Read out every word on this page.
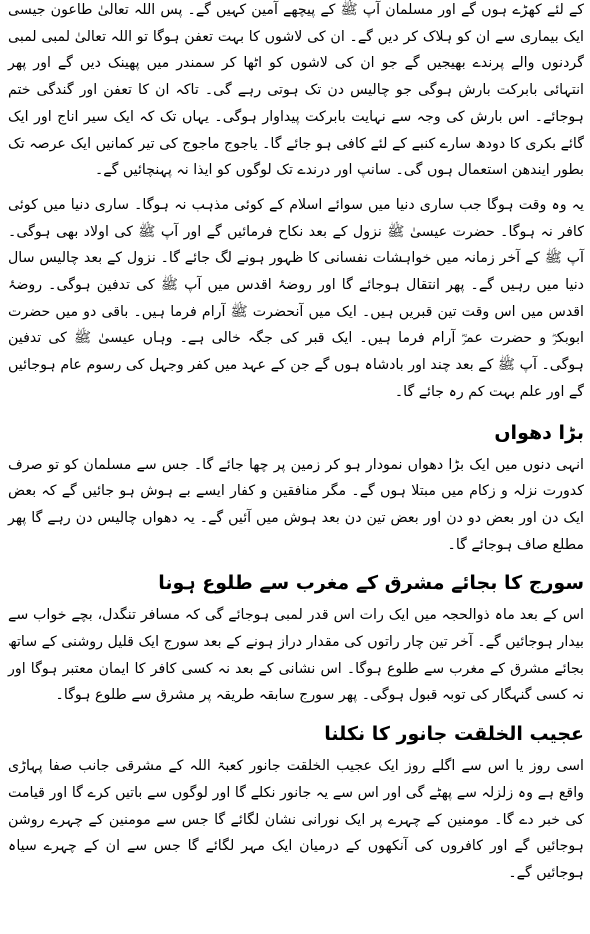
کے لئے کھڑے ہوں گے اور مسلمان آپ ﷺ کے پیچھے آمین کہیں گے۔ پس اللہ تعالیٰ طاعون جیسی ایک بیماری سے ان کو ہلاک کر دیں گے۔ ان کی لاشوں کا بہت تعفن ہوگا تو اللہ تعالیٰ لمبی لمبی گردنوں والے پرندے بھیجیں گے جو ان کی لاشوں کو اٹھا کر سمندر میں پھینک دیں گے اور پھر انتہائی بابرکت بارش ہوگی جو چالیس دن تک ہوتی رہے گی۔ تاکہ ان کا تعفن اور گندگی ختم ہوجائے۔ اس بارش کی وجہ سے نہایت بابرکت پیداوار ہوگی۔ یہاں تک کہ ایک سیر اناج اور ایک گائے بکری کا دودھ سارے کنبے کے لئے کافی ہو جائے گا۔ یاجوج ماجوج کی تیر کمانیں ایک عرصہ تک بطور ایندھن استعمال ہوں گی۔ سانپ اور درندے تک لوگوں کو ایذا نہ پہنچائیں گے۔

یہ وہ وقت ہوگا جب ساری دنیا میں سوائے اسلام کے کوئی مذہب نہ ہوگا۔ ساری دنیا میں کوئی کافر نہ ہوگا۔ حضرت عیسیٰ ﷺ نزول کے بعد نکاح فرمائیں گے اور آپ ﷺ کی اولاد بھی ہوگی۔ آپ ﷺ کے آخر زمانہ میں خواہشات نفسانی کا ظہور ہونے لگ جائے گا۔ نزول کے بعد چالیس سال دنیا میں رہیں گے۔ پھر انتقال ہوجائے گا اور روضۂ اقدس میں آپ ﷺ کی تدفین ہوگی۔ روضۂ اقدس میں اس وقت تین قبریں ہیں۔ ایک میں آنحضرت ﷺ آرام فرما ہیں۔ باقی دو میں حضرت ابوبکرؓ و حضرت عمرؓ آرام فرما ہیں۔ ایک قبر کی جگہ خالی ہے۔ وہاں عیسیٰ ﷺ کی تدفین ہوگی۔ آپ ﷺ کے بعد چند اور بادشاہ ہوں گے جن کے عہد میں کفر وجہل کی رسوم عام ہوجائیں گے اور علم بہت کم رہ جائے گا۔

بڑا دھواں

انہی دنوں میں ایک بڑا دھواں نمودار ہو کر زمین پر چھا جائے گا۔ جس سے مسلمان کو تو صرف کدورت نزلہ و زکام میں مبتلا ہوں گے۔ مگر منافقین و کفار ایسے بے ہوش ہو جائیں گے کہ بعض ایک دن اور بعض دو دن اور بعض تین دن بعد ہوش میں آئیں گے۔ یہ دھواں چالیس دن رہے گا پھر مطلع صاف ہوجائے گا۔

سورج کا بجائے مشرق کے مغرب سے طلوع ہونا

اس کے بعد ماہ ذوالحجہ میں ایک رات اس قدر لمبی ہوجائے گی کہ مسافر تنگدل، بچے خواب سے بیدار ہوجائیں گے۔ آخر تین چار راتوں کی مقدار دراز ہونے کے بعد سورج ایک قلیل روشنی کے ساتھ بجائے مشرق کے مغرب سے طلوع ہوگا۔ اس نشانی کے بعد نہ کسی کافر کا ایمان معتبر ہوگا اور نہ کسی گنہگار کی توبہ قبول ہوگی۔ پھر سورج سابقہ طریقہ پر مشرق سے طلوع ہوگا۔

عجیب الخلقت جانور کا نکلنا

اسی روز یا اس سے اگلے روز ایک عجیب الخلقت جانور کعبۃ اللہ کے مشرقی جانب صفا پہاڑی واقع ہے وہ زلزلہ سے پھٹے گی اور اس سے یہ جانور نکلے گا اور لوگوں سے باتیں کرے گا اور قیامت کی خبر دے گا۔ مومنین کے چہرے پر ایک نورانی نشان لگائے گا جس سے مومنین کے چہرے روشن ہوجائیں گے اور کافروں کی آنکھوں کے درمیان ایک مہر لگائے گا جس سے ان کے چہرے سیاہ ہوجائیں گے۔
